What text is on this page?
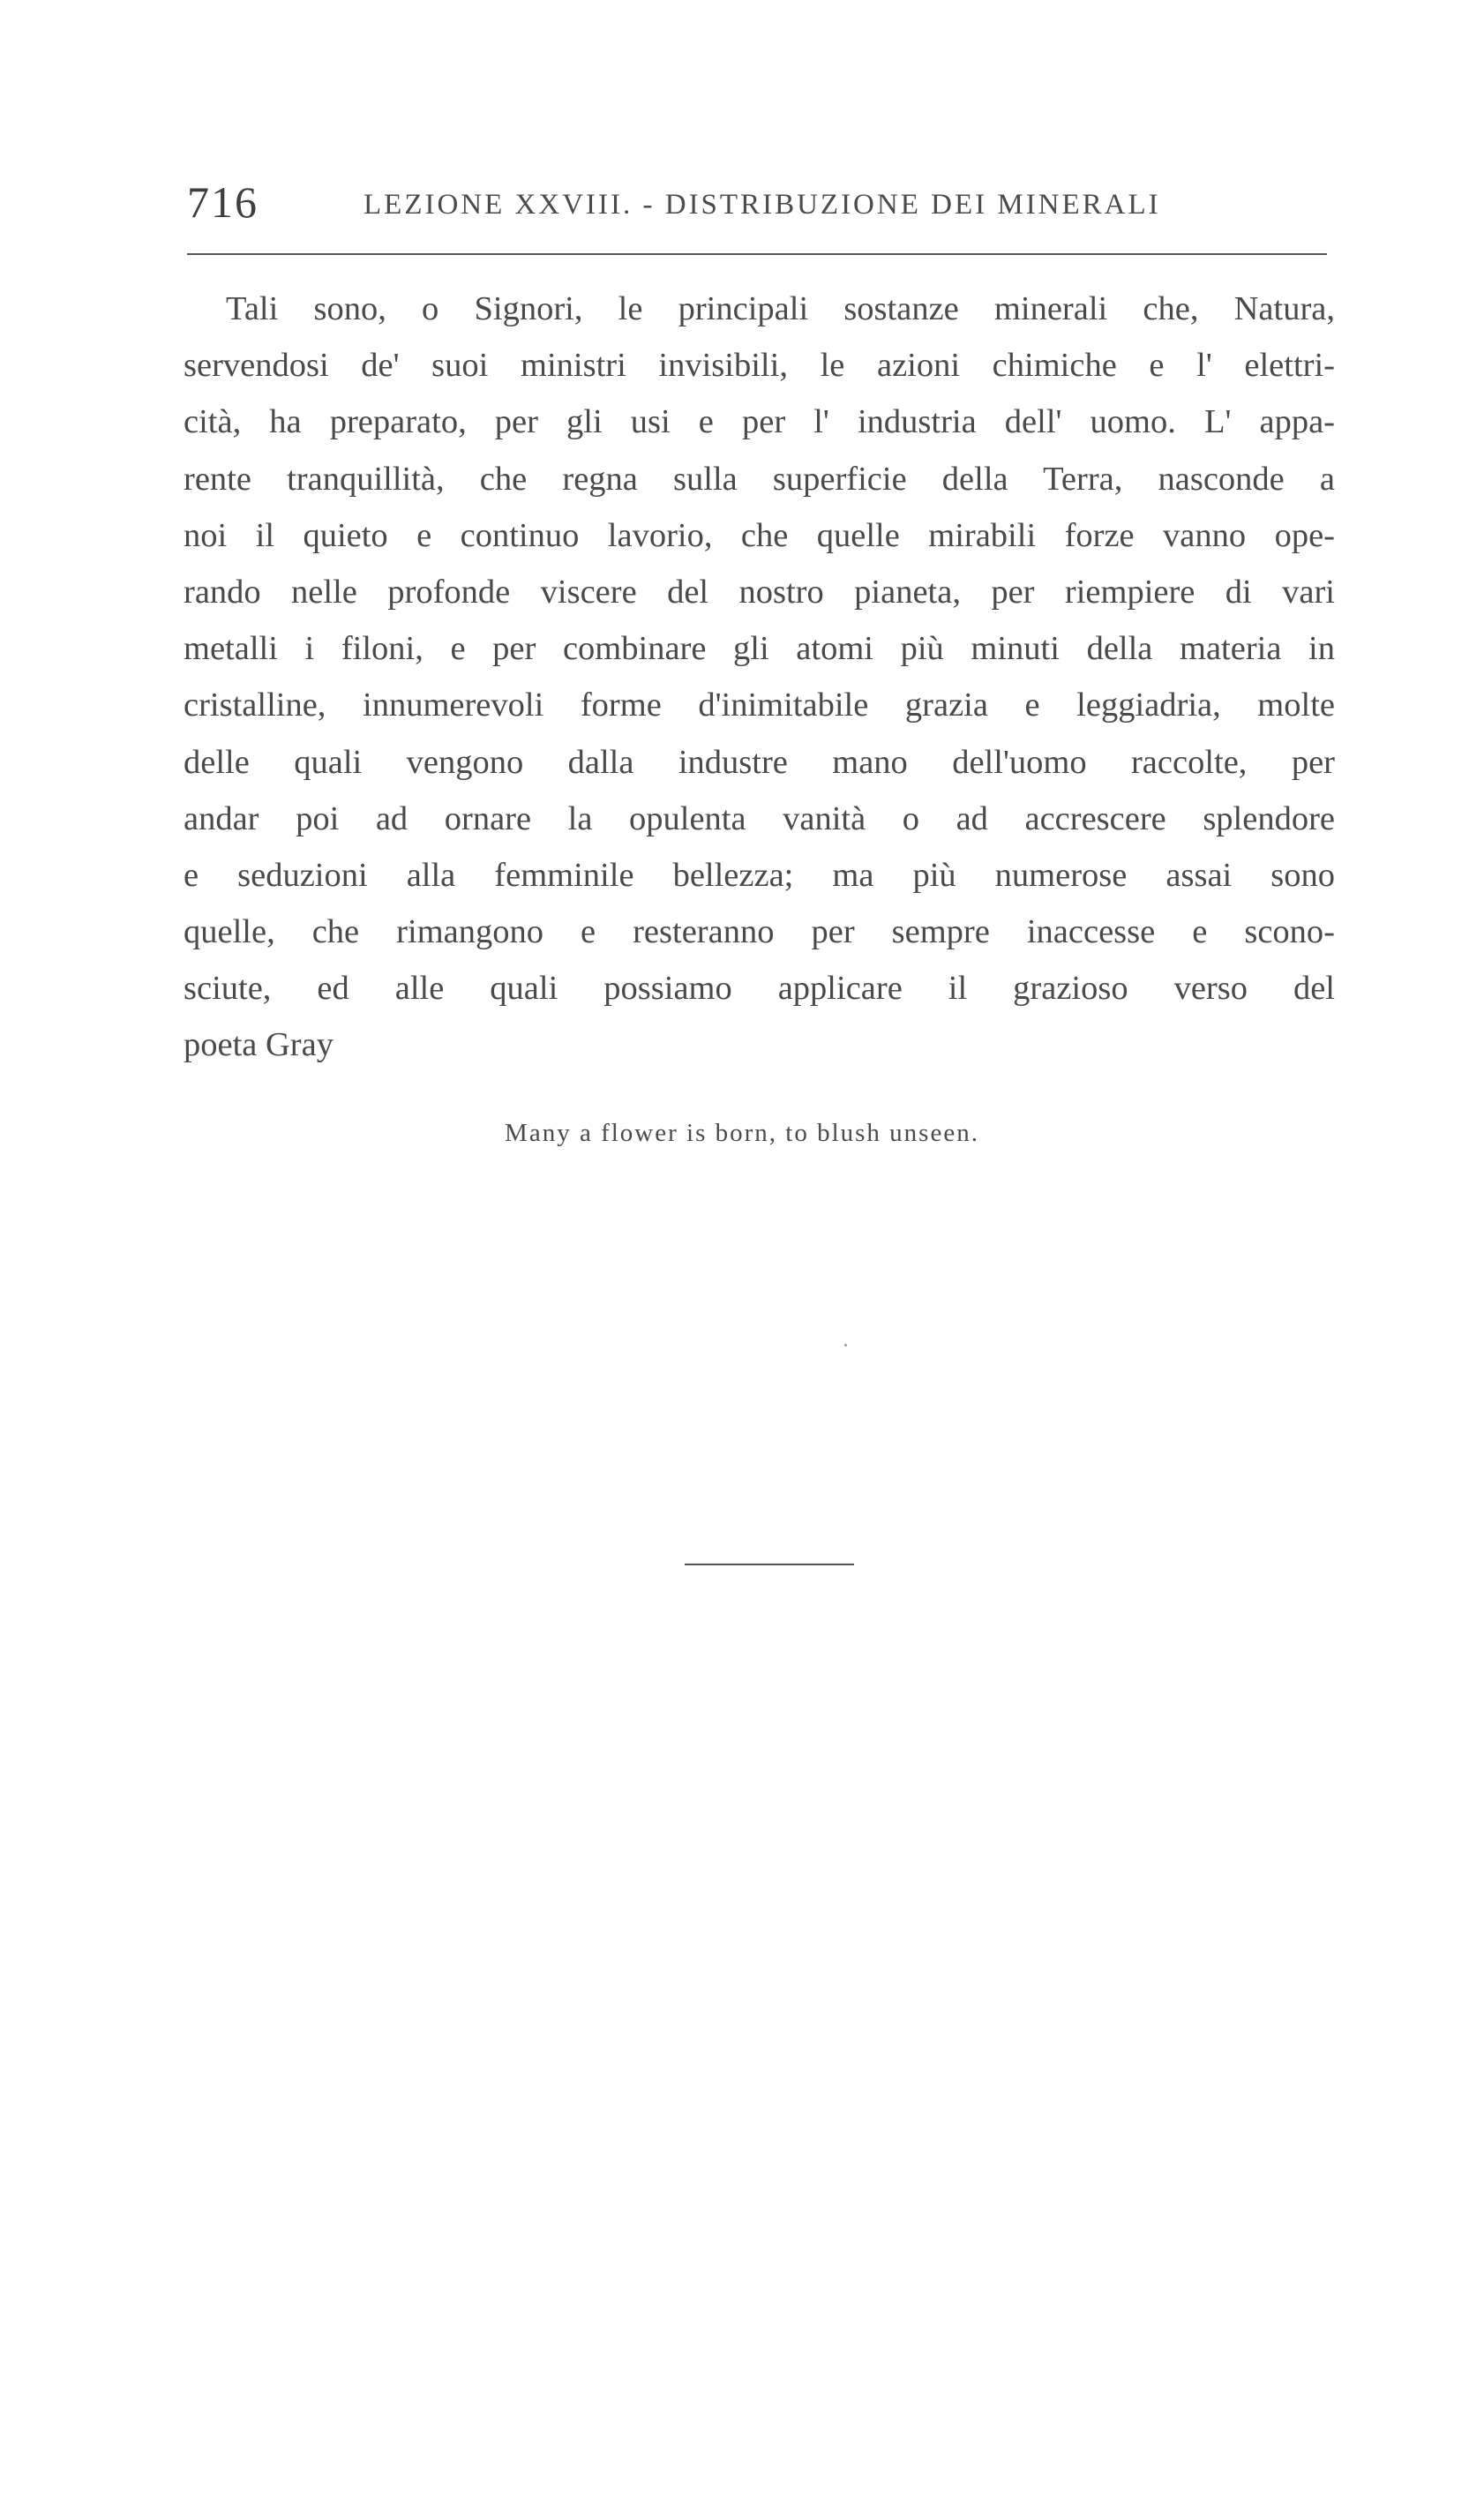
716	LEZIONE XXVIII. - DISTRIBUZIONE DEI MINERALI
Tali sono, o Signori, le principali sostanze minerali che, Natura,
servendosi de' suoi ministri invisibili, le azioni chimiche e l' elettri-
cità, ha preparato, per gli usi e per l' industria dell' uomo. L' appa-
rente tranquillità, che regna sulla superficie della Terra, nasconde a
noi il quieto e continuo lavorio, che quelle mirabili forze vanno ope-
rando nelle profonde viscere del nostro pianeta, per riempiere di vari
metalli i filoni, e per combinare gli atomi più minuti della materia in
cristalline, innumerevoli forme d'inimitabile grazia e leggiadria, molte
delle quali vengono dalla industre mano dell'uomo raccolte, per
andar poi ad ornare la opulenta vanità o ad accrescere splendore
e seduzioni alla femminile bellezza; ma più numerose assai sono
quelle, che rimangono e resteranno per sempre inaccesse e scono-
sciute, ed alle quali possiamo applicare il grazioso verso del
poeta Gray
Many a flower is born, to blush unseen.
